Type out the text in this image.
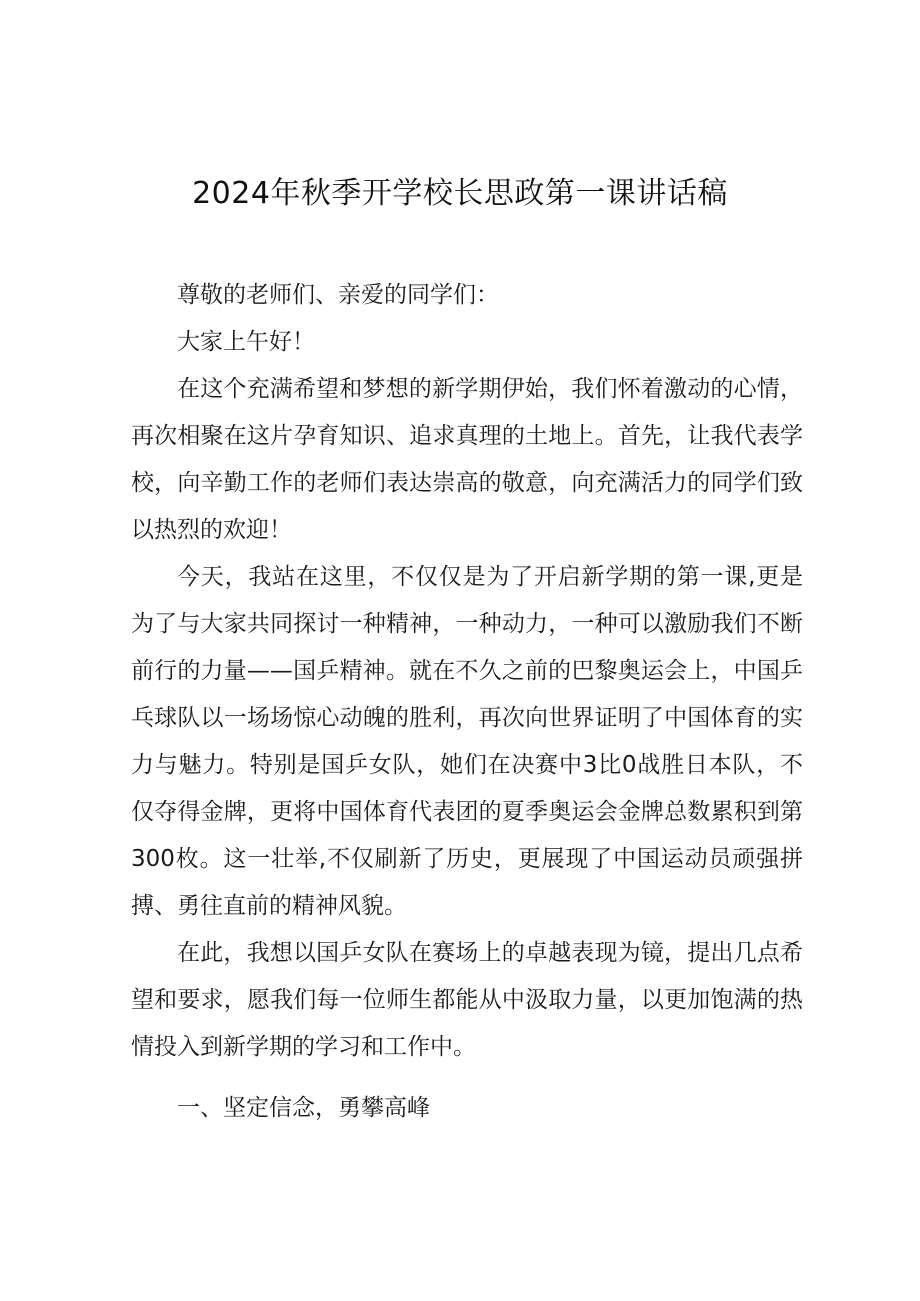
2024年秋季开学校长思政第一课讲话稿

尊敬的老师们、亲爱的同学们：

大家上午好！

在这个充满希望和梦想的新学期伊始，我们怀着激动的心情，再次相聚在这片孕育知识、追求真理的土地上。首先，让我代表学校，向辛勤工作的老师们表达崇高的敬意，向充满活力的同学们致以热烈的欢迎！

今天，我站在这里，不仅仅是为了开启新学期的第一课,更是为了与大家共同探讨一种精神，一种动力，一种可以激励我们不断前行的力量——国乒精神。就在不久之前的巴黎奥运会上，中国乒乓球队以一场场惊心动魄的胜利，再次向世界证明了中国体育的实力与魅力。特别是国乒女队，她们在决赛中3比0战胜日本队，不仅夺得金牌，更将中国体育代表团的夏季奥运会金牌总数累积到第300枚。这一壮举,不仅刷新了历史，更展现了中国运动员顽强拼搏、勇往直前的精神风貌。

在此，我想以国乒女队在赛场上的卓越表现为镜，提出几点希望和要求，愿我们每一位师生都能从中汲取力量，以更加饱满的热情投入到新学期的学习和工作中。

一、坚定信念，勇攀高峰
